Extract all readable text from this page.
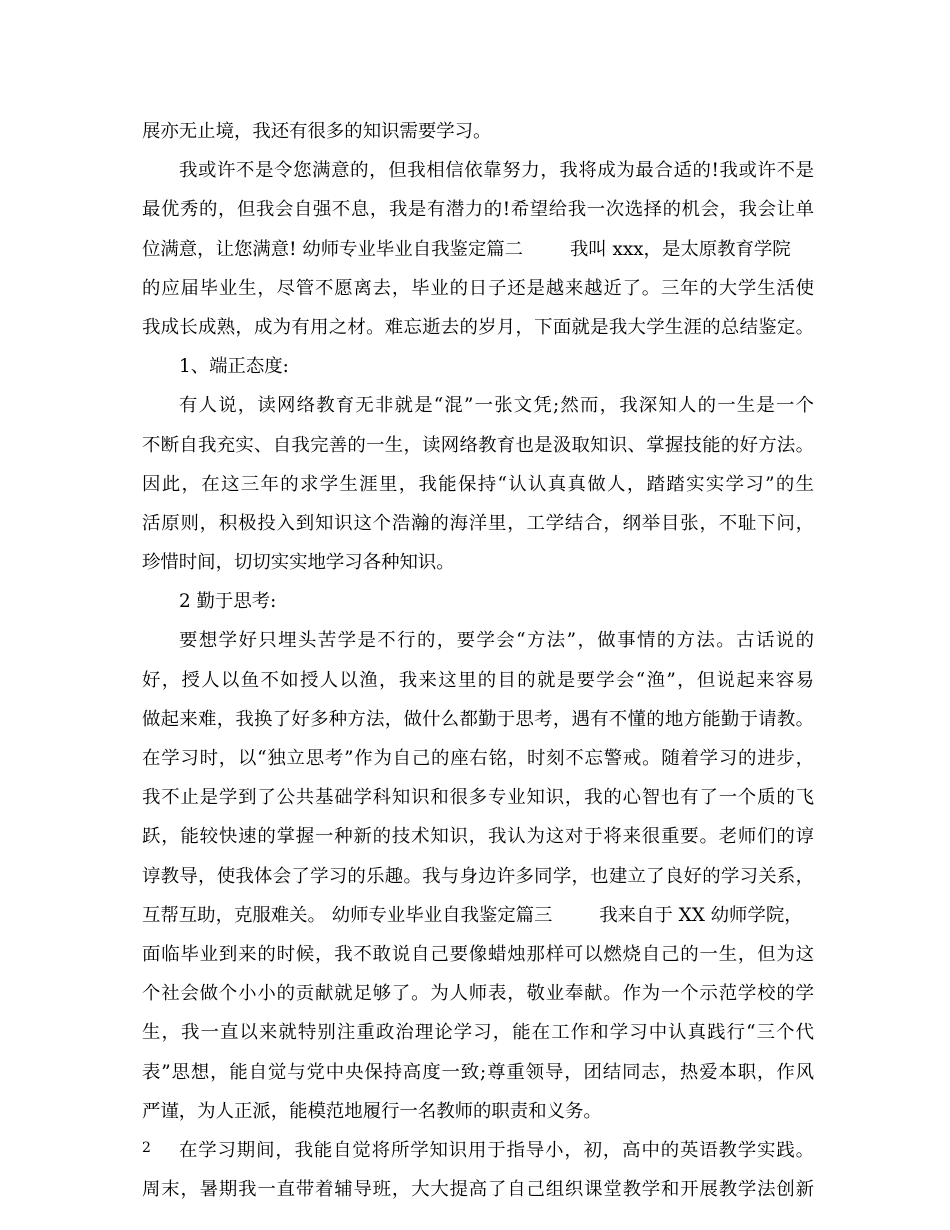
展亦无止境，我还有很多的知识需要学习。
我或许不是令您满意的，但我相信依靠努力，我将成为最合适的!我或许不是
最优秀的，但我会自强不息，我是有潜力的!希望给我一次选择的机会，我会让单
位满意，让您满意! 幼师专业毕业自我鉴定篇二        我叫 xxx，是太原教育学院
的应届毕业生，尽管不愿离去，毕业的日子还是越来越近了。三年的大学生活使
我成长成熟，成为有用之材。难忘逝去的岁月，下面就是我大学生涯的总结鉴定。
1、端正态度:
有人说，读网络教育无非就是“混”一张文凭;然而，我深知人的一生是一个
不断自我充实、自我完善的一生，读网络教育也是汲取知识、掌握技能的好方法。
因此，在这三年的求学生涯里，我能保持“认认真真做人，踏踏实实学习”的生
活原则，积极投入到知识这个浩瀚的海洋里，工学结合，纲举目张，不耻下问，
珍惜时间，切切实实地学习各种知识。
2 勤于思考:
要想学好只埋头苦学是不行的，要学会“方法”，做事情的方法。古话说的
好，授人以鱼不如授人以渔，我来这里的目的就是要学会“渔”，但说起来容易
做起来难，我换了好多种方法，做什么都勤于思考，遇有不懂的地方能勤于请教。
在学习时，以“独立思考”作为自己的座右铭，时刻不忘警戒。随着学习的进步，
我不止是学到了公共基础学科知识和很多专业知识，我的心智也有了一个质的飞
跃，能较快速的掌握一种新的技术知识，我认为这对于将来很重要。老师们的谆
谆教导，使我体会了学习的乐趣。我与身边许多同学，也建立了良好的学习关系，
互帮互助，克服难关。 幼师专业毕业自我鉴定篇三        我来自于 XX 幼师学院，
面临毕业到来的时候，我不敢说自己要像蜡烛那样可以燃烧自己的一生，但为这
个社会做个小小的贡献就足够了。为人师表，敬业奉献。作为一个示范学校的学
生，我一直以来就特别注重政治理论学习，能在工作和学习中认真践行“三个代
表”思想，能自觉与党中央保持高度一致;尊重领导，团结同志，热爱本职，作风
严谨，为人正派，能模范地履行一名教师的职责和义务。
在学习期间，我能自觉将所学知识用于指导小，初，高中的英语教学实践。
周末，暑期我一直带着辅导班，大大提高了自己组织课堂教学和开展教学法创新
2
